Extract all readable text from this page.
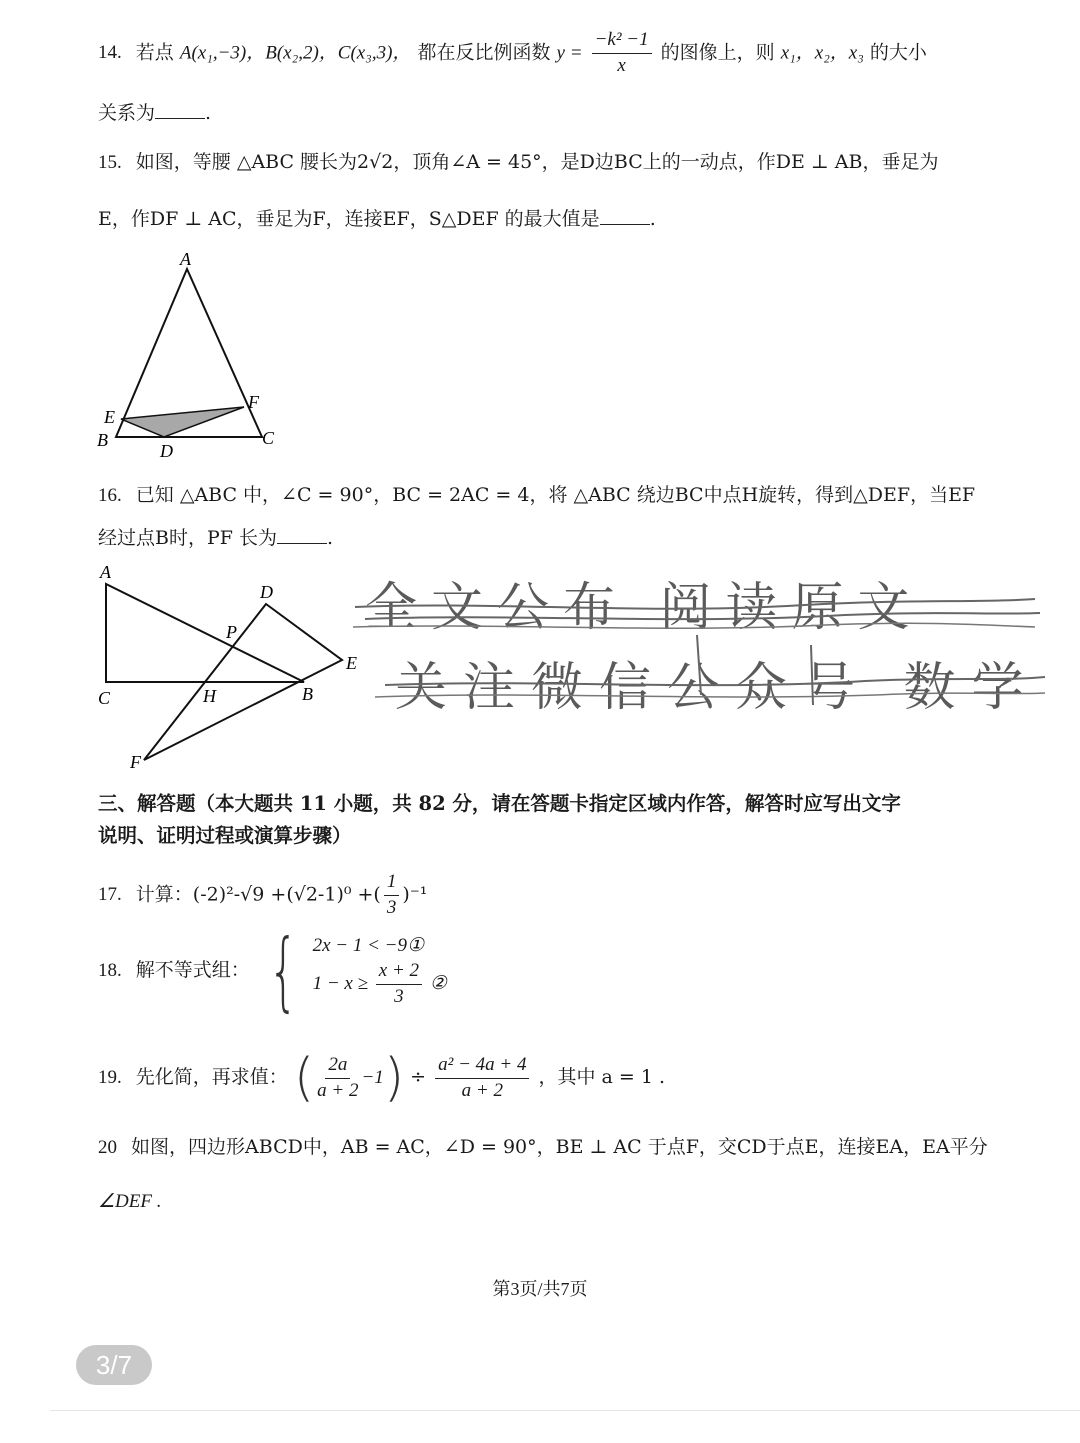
14. 若点 A(x₁,−3)，B(x₂,2)，C(x₃,3)， 都在反比例函数 $y = \frac{\text{−k² −1}}{x}$ 的图像上，则 x₁，x₂，x₃ 的大小
关系为	.
15. 如图，等腰 △ABC 腰长为2√2，顶角∠A = 45°，是D边BC上的一动点，作DE ⊥ AB，垂足为
E，作DF ⊥ AC，垂足为F，连接EF，S△DEF 的最大值是	.
A
E
B
F
C
D
16. 已知 △ABC 中，∠C = 90°，BC = 2AC = 4，将 △ABC 绕边BC中点H旋转，得到△DEF，当EF
经过点B时，PF 长为	.
A
D
P
E
C	H	B
F
全文公布 阅读原文
关注微信公众号 数学
三、解答题（本大题共 11 小题，共 82 分，请在答题卡指定区域内作答，解答时应写出文字
说明、证明过程或演算步骤）
17. 计算：(-2)²-√9 +(√2-1)⁰ +( $\frac{1}{3} )^{-1}$
18. 解不等式组： { 2x − 1 < −9①
$1 - x \ge \frac{x + 2}{3}$ ②
19. 先化简，再求值： ( $\frac{2a}{a + 2} -1) \div \frac{\text{a² − 4a + 4}}{a + 2}$ ，其中 a = 1 .
20 如图，四边形ABCD中，AB = AC，∠D = 90°，BE ⊥ AC 于点F，交CD于点E，连接EA，EA平分
∠DEF .
第3页/共7页
3/7
